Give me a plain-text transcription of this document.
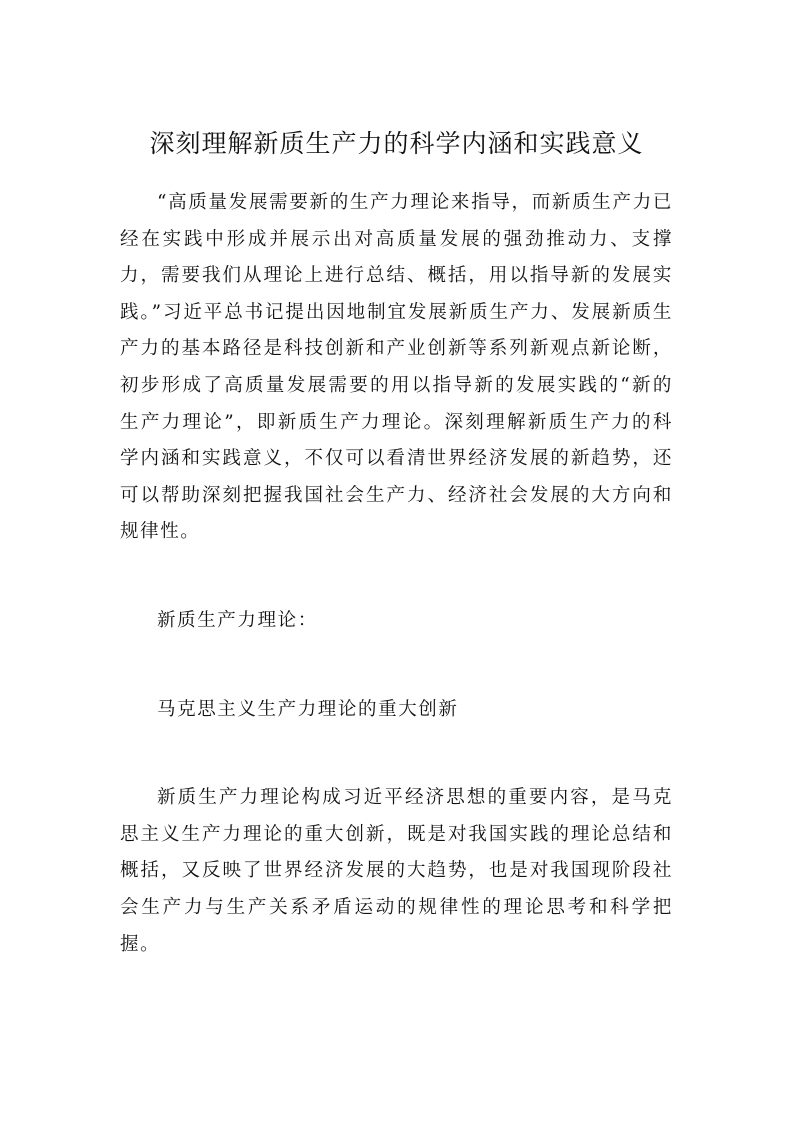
深刻理解新质生产力的科学内涵和实践意义

“高质量发展需要新的生产力理论来指导，而新质生产力已经在实践中形成并展示出对高质量发展的强劲推动力、支撑力，需要我们从理论上进行总结、概括，用以指导新的发展实践。”习近平总书记提出因地制宜发展新质生产力、发展新质生产力的基本路径是科技创新和产业创新等系列新观点新论断，初步形成了高质量发展需要的用以指导新的发展实践的“新的生产力理论”，即新质生产力理论。深刻理解新质生产力的科学内涵和实践意义，不仅可以看清世界经济发展的新趋势，还可以帮助深刻把握我国社会生产力、经济社会发展的大方向和规律性。

新质生产力理论：

马克思主义生产力理论的重大创新

新质生产力理论构成习近平经济思想的重要内容，是马克思主义生产力理论的重大创新，既是对我国实践的理论总结和概括，又反映了世界经济发展的大趋势，也是对我国现阶段社会生产力与生产关系矛盾运动的规律性的理论思考和科学把握。
